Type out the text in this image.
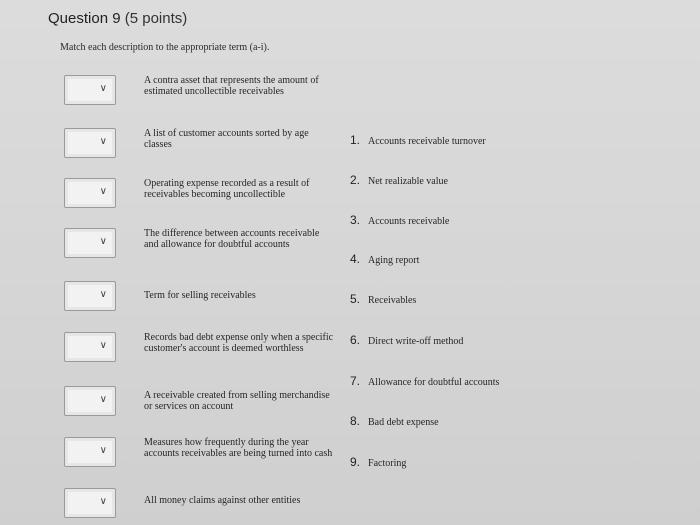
Question 9 (5 points)
Match each description to the appropriate term (a-i).
∨
A contra asset that represents the amount of estimated uncollectible receivables
∨
A list of customer accounts sorted by age classes
∨
Operating expense recorded as a result of receivables becoming uncollectible
∨
The difference between accounts receivable and allowance for doubtful accounts
∨	Term for selling receivables
∨
Records bad debt expense only when a specific customer's account is deemed worthless
∨	A receivable created from selling merchandise or services on account
∨
Measures how frequently during the year accounts receivables are being turned into cash
∨	All money claims against other entities
1. Accounts receivable turnover
2. Net realizable value
3. Accounts receivable
4. Aging report
5. Receivables
6. Direct write-off method
7. Allowance for doubtful accounts
8. Bad debt expense
9. Factoring
